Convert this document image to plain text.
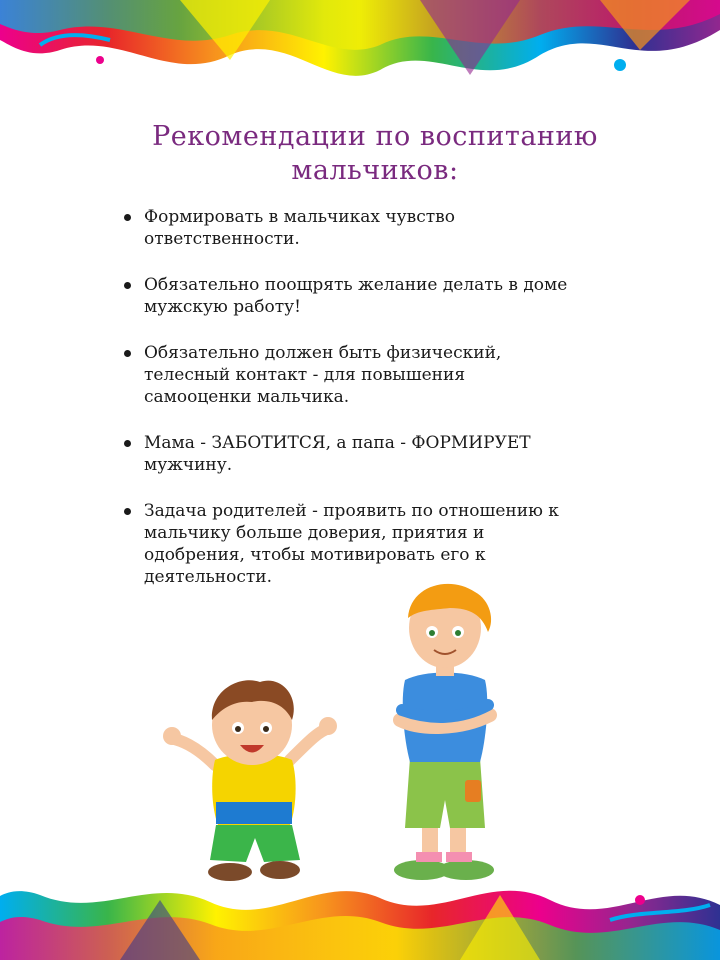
Рекомендации по воспитанию
мальчиков:
Формировать в мальчиках чувство
ответственности.
Обязательно поощрять желание делать в доме
мужскую работу!
Обязательно должен быть физический,
телесный контакт - для повышения
самооценки мальчика.
Мама - ЗАБОТИТСЯ, а папа - ФОРМИРУЕТ
мужчину.
Задача родителей - проявить по отношению к
мальчику больше доверия, приятия и
одобрения, чтобы мотивировать его к
деятельности.
